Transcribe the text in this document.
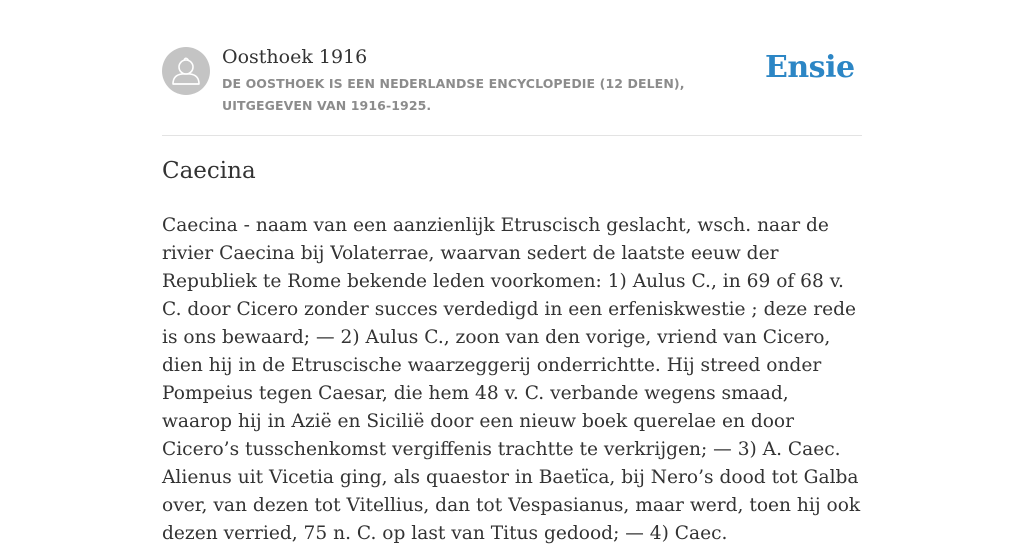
Oosthoek 1916
DE OOSTHOEK IS EEN NEDERLANDSE ENCYCLOPEDIE (12 DELEN), UITGEGEVEN VAN 1916-1925.
Ensie
Caecina

Caecina - naam van een aanzienlijk Etruscisch geslacht, wsch. naar de rivier Caecina bij Volaterrae, waarvan sedert de laatste eeuw der Republiek te Rome bekende leden voorkomen: 1) Aulus C., in 69 of 68 v. C. door Cicero zonder succes verdedigd in een erfeniskwestie ; deze rede is ons bewaard; — 2) Aulus C., zoon van den vorige, vriend van Cicero, dien hij in de Etruscische waarzeggerij onderrichtte. Hij streed onder Pompeius tegen Caesar, die hem 48 v. C. verbande wegens smaad, waarop hij in Azië en Sicilië door een nieuw boek querelae en door Cicero’s tusschenkomst vergiffenis trachtte te verkrijgen; — 3) A. Caec. Alienus uit Vicetia ging, als quaestor in Baetïca, bij Nero’s dood tot Galba over, van dezen tot Vitellius, dan tot Vespasianus, maar werd, toen hij ook dezen verried, 75 n. C. op last van Titus gedood; — 4) Caec.
